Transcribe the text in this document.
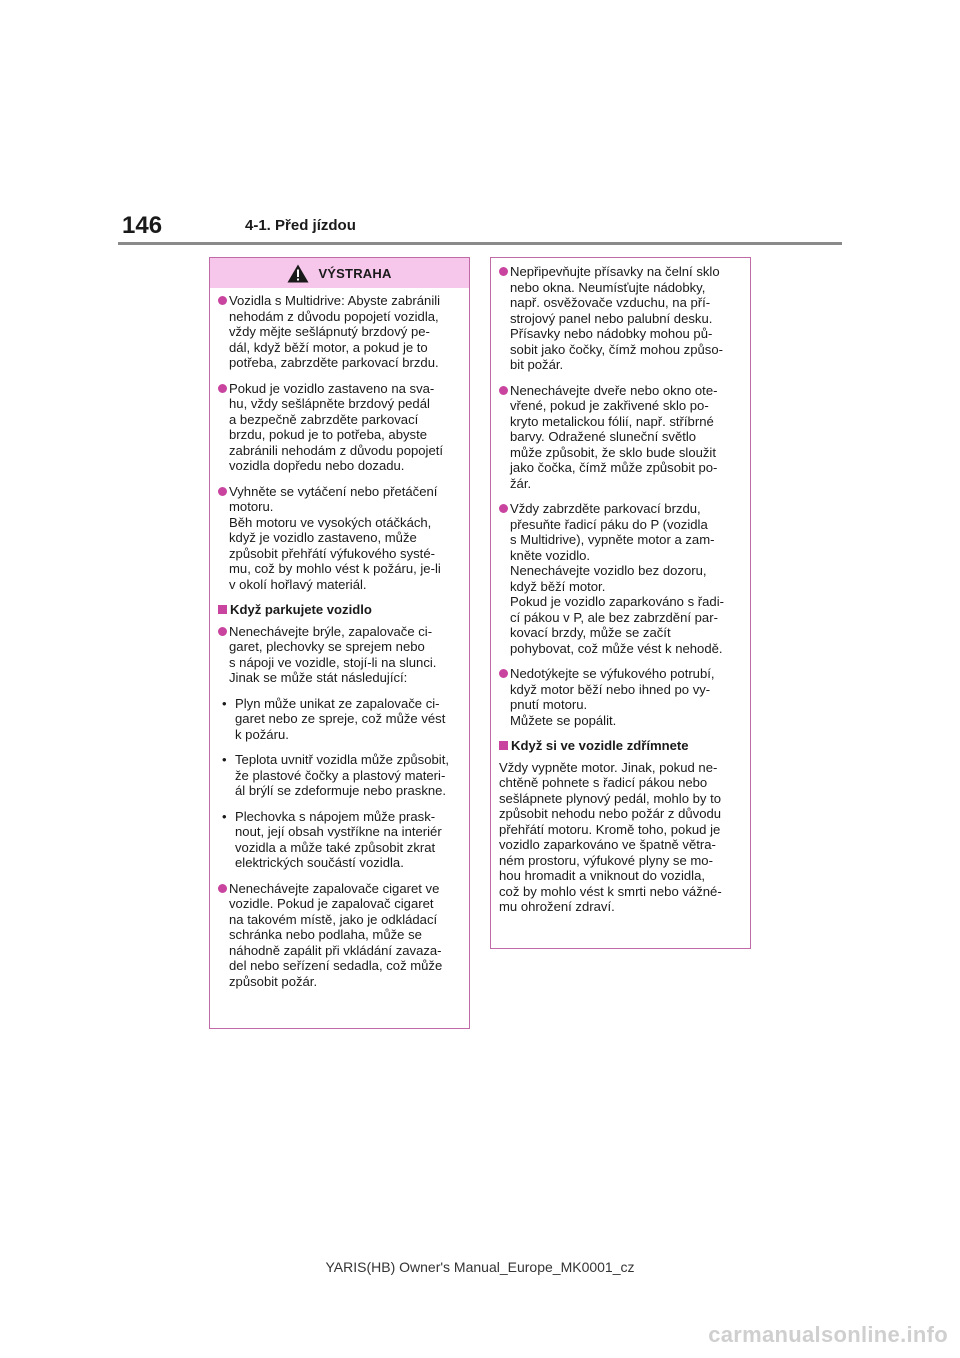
146	4-1. Před jízdou
VÝSTRAHA
Vozidla s Multidrive: Abyste zabránili
nehodám z důvodu popojetí vozidla,
vždy mějte sešlápnutý brzdový pe-
dál, když běží motor, a pokud je to
potřeba, zabrzděte parkovací brzdu.
Pokud je vozidlo zastaveno na sva-
hu, vždy sešlápněte brzdový pedál
a bezpečně zabrzděte parkovací
brzdu, pokud je to potřeba, abyste
zabránili nehodám z důvodu popojetí
vozidla dopředu nebo dozadu.
Vyhněte se vytáčení nebo přetáčení
motoru.
Běh motoru ve vysokých otáčkách,
když je vozidlo zastaveno, může
způsobit přehřátí výfukového systé-
mu, což by mohlo vést k požáru, je-li
v okolí hořlavý materiál.
Když parkujete vozidlo
Nenechávejte brýle, zapalovače ci-
garet, plechovky se sprejem nebo
s nápoji ve vozidle, stojí-li na slunci.
Jinak se může stát následující:
• Plyn může unikat ze zapalovače ci-
garet nebo ze spreje, což může vést
k požáru.
• Teplota uvnitř vozidla může způsobit,
že plastové čočky a plastový materi-
ál brýlí se zdeformuje nebo praskne.
• Plechovka s nápojem může prask-
nout, její obsah vystříkne na interiér
vozidla a může také způsobit zkrat
elektrických součástí vozidla.
Nenechávejte zapalovače cigaret ve
vozidle. Pokud je zapalovač cigaret
na takovém místě, jako je odkládací
schránka nebo podlaha, může se
náhodně zapálit při vkládání zavaza-
del nebo seřízení sedadla, což může
způsobit požár.
Nepřipevňujte přísavky na čelní sklo
nebo okna. Neumísťujte nádobky,
např. osvěžovače vzduchu, na pří-
strojový panel nebo palubní desku.
Přísavky nebo nádobky mohou pů-
sobit jako čočky, čímž mohou způso-
bit požár.
Nenechávejte dveře nebo okno ote-
vřené, pokud je zakřivené sklo po-
kryto metalickou fólií, např. stříbrné
barvy. Odražené sluneční světlo
může způsobit, že sklo bude sloužit
jako čočka, čímž může způsobit po-
žár.
Vždy zabrzděte parkovací brzdu,
přesuňte řadicí páku do P (vozidla
s Multidrive), vypněte motor a zam-
kněte vozidlo.
Nenechávejte vozidlo bez dozoru,
když běží motor.
Pokud je vozidlo zaparkováno s řadi-
cí pákou v P, ale bez zabrzdění par-
kovací brzdy, může se začít
pohybovat, což může vést k nehodě.
Nedotýkejte se výfukového potrubí,
když motor běží nebo ihned po vy-
pnutí motoru.
Můžete se popálit.
Když si ve vozidle zdřímnete
Vždy vypněte motor. Jinak, pokud ne-
chtěně pohnete s řadicí pákou nebo
sešlápnete plynový pedál, mohlo by to
způsobit nehodu nebo požár z důvodu
přehřátí motoru. Kromě toho, pokud je
vozidlo zaparkováno ve špatně větra-
ném prostoru, výfukové plyny se mo-
hou hromadit a vniknout do vozidla,
což by mohlo vést k smrti nebo vážné-
mu ohrožení zdraví.
YARIS(HB) Owner's Manual_Europe_MK0001_cz
carmanualsonline.info
